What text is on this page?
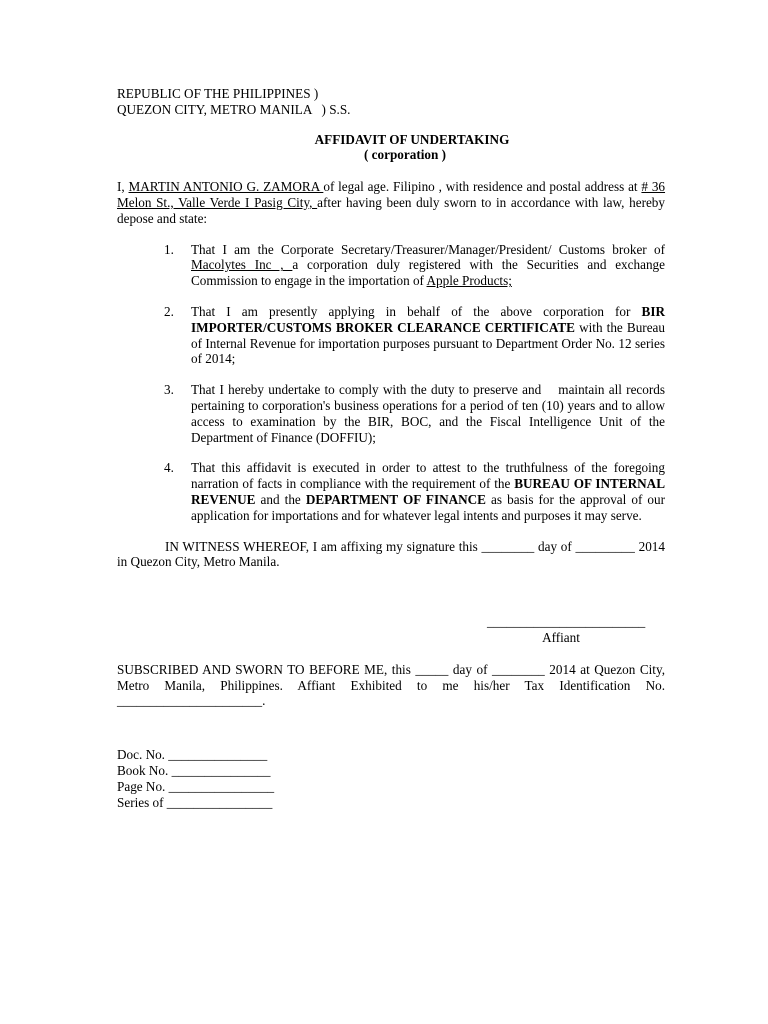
REPUBLIC OF THE PHILIPPINES )
QUEZON CITY, METRO MANILA   ) S.S.
AFFIDAVIT OF UNDERTAKING
( corporation )
I, MARTIN ANTONIO G. ZAMORA of legal age. Filipino , with residence and postal address at # 36 Melon St., Valle Verde I Pasig City, after having been duly sworn to in accordance with law, hereby depose and state:
1.	That I am the Corporate Secretary/Treasurer/Manager/President/ Customs broker of Macolytes Inc , a corporation duly registered with the Securities and exchange Commission to engage in the importation of Apple Products;
2.	That I am presently applying in behalf of the above corporation for BIR IMPORTER/CUSTOMS BROKER CLEARANCE CERTIFICATE with the Bureau of Internal Revenue for importation purposes pursuant to Department Order No. 12 series of 2014;
3.	That I hereby undertake to comply with the duty to preserve and    maintain all records pertaining to corporation's business operations for a period of ten (10) years and to allow access to examination by the BIR, BOC, and the Fiscal Intelligence Unit of the Department of Finance (DOFFIU);
4.	That this affidavit is executed in order to attest to the truthfulness of the foregoing narration of facts in compliance with the requirement of the BUREAU OF INTERNAL REVENUE and the DEPARTMENT OF FINANCE as basis for the approval of our application for importations and for whatever legal intents and purposes it may serve.
IN WITNESS WHEREOF, I am affixing my signature this ________ day of _________ 2014 in Quezon City, Metro Manila.
________________________
Affiant
SUBSCRIBED AND SWORN TO BEFORE ME, this _____ day of ________ 2014 at Quezon City, Metro Manila, Philippines. Affiant Exhibited to me his/her Tax Identification No. ______________________.
Doc. No. _______________
Book No. _______________
Page No. ________________
Series of ________________
